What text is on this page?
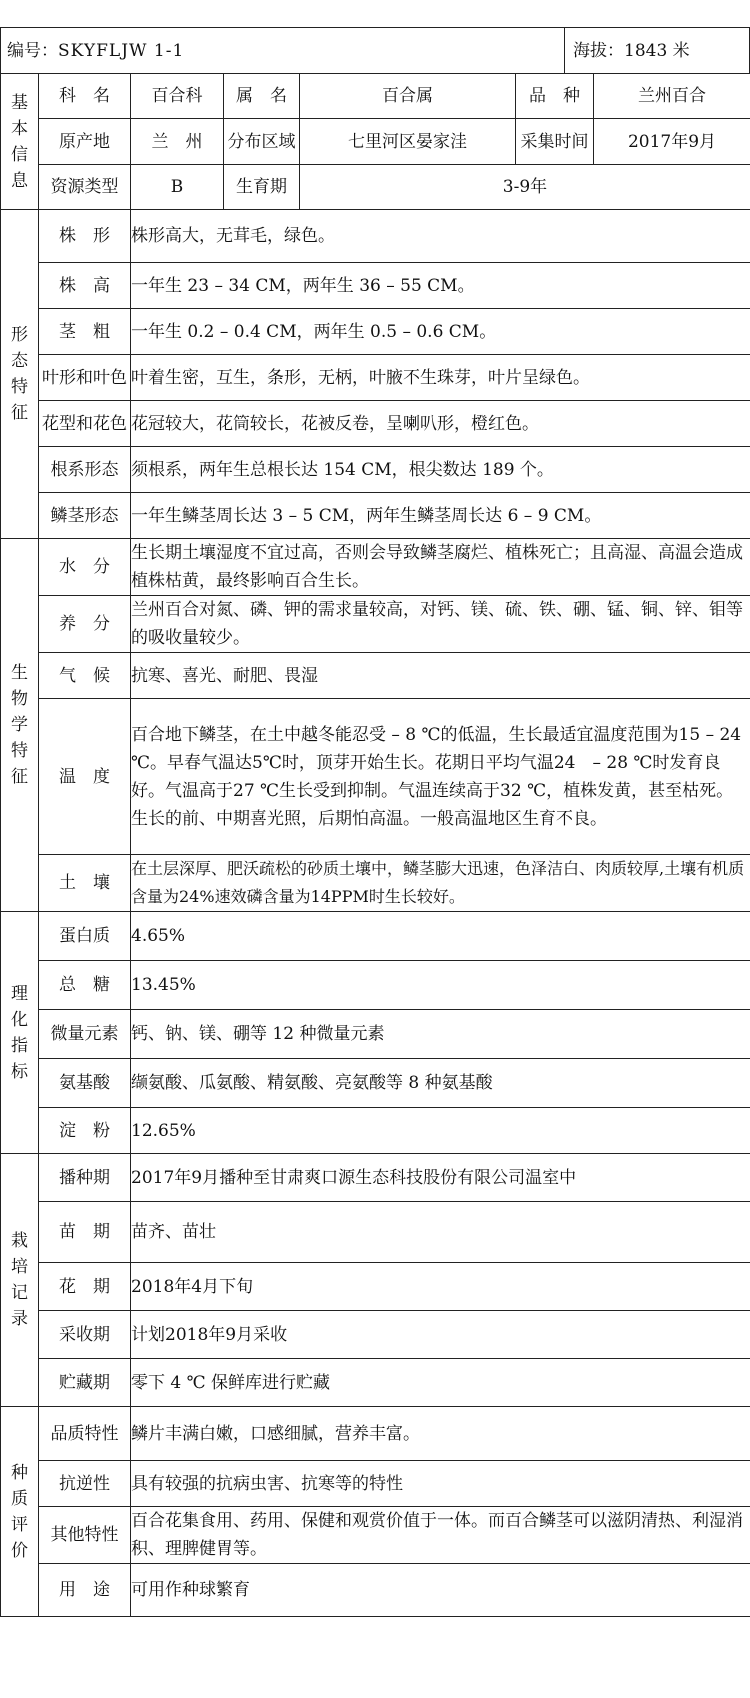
编号： SKYFLJW 1-1	海拔： 1843 米
基
本
信
息	科　名	百合科	属　名	百合属	品　种	兰州百合
	原产地	兰　州	分布区域	七里河区晏家洼	采集时间	2017年9月
	资源类型	B	生育期	3-9年		
形
态
特
征	株　形	株形高大，无茸毛，绿色。				
	株　高	一年生 23 – 34 CM，两年生 36 – 55 CM。				
	茎　粗	一年生 0.2 – 0.4 CM，两年生 0.5 – 0.6 CM。				
	叶形和叶色	叶着生密，互生，条形，无柄，叶腋不生珠芽，叶片呈绿色。				
	花型和花色	花冠较大，花筒较长，花被反卷，呈喇叭形，橙红色。				
	根系形态	须根系，两年生总根长达 154 CM，根尖数达 189 个。				
	鳞茎形态	一年生鳞茎周长达 3 – 5 CM，两年生鳞茎周长达 6 – 9 CM。				
生
物
学
特
征	水　分	生长期土壤湿度不宜过高，否则会导致鳞茎腐烂、植株死亡；且高湿、高温会造成植株枯黄，最终影响百合生长。				
	养　分	兰州百合对氮、磷、钾的需求量较高，对钙、镁、硫、铁、硼、锰、铜、锌、钼等的吸收量较少。				
	气　候	抗寒、喜光、耐肥、畏湿				
	温　度	百合地下鳞茎，在土中越冬能忍受 – 8 ℃的低温，生长最适宜温度范围为15 – 24 ℃。早春气温达5℃时，顶芽开始生长。花期日平均气温24　– 28 ℃时发育良好。气温高于27 ℃生长受到抑制。气温连续高于32 ℃，植株发黄，甚至枯死。生长的前、中期喜光照，后期怕高温。一般高温地区生育不良。				
	土　壤	在土层深厚、肥沃疏松的砂质土壤中，鳞茎膨大迅速，色泽洁白、肉质较厚,土壤有机质含量为24%速效磷含量为14PPM时生长较好。				
理
化
指
标	蛋白质	4.65%				
	总　糖	13.45%				
	微量元素	钙、钠、镁、硼等 12 种微量元素				
	氨基酸	缬氨酸、瓜氨酸、精氨酸、亮氨酸等 8 种氨基酸				
	淀　粉	12.65%				
栽
培
记
录	播种期	2017年9月播种至甘肃爽口源生态科技股份有限公司温室中				
	苗　期	苗齐、苗壮				
	花　期	2018年4月下旬				
	采收期	计划2018年9月采收				
	贮藏期	零下 4 ℃ 保鲜库进行贮藏				
种
质
评
价	品质特性	鳞片丰满白嫩，口感细腻，营养丰富。				
	抗逆性	具有较强的抗病虫害、抗寒等的特性				
	其他特性	百合花集食用、药用、保健和观赏价值于一体。而百合鳞茎可以滋阴清热、利湿消积、理脾健胃等。				
	用　途	可用作种球繁育				
